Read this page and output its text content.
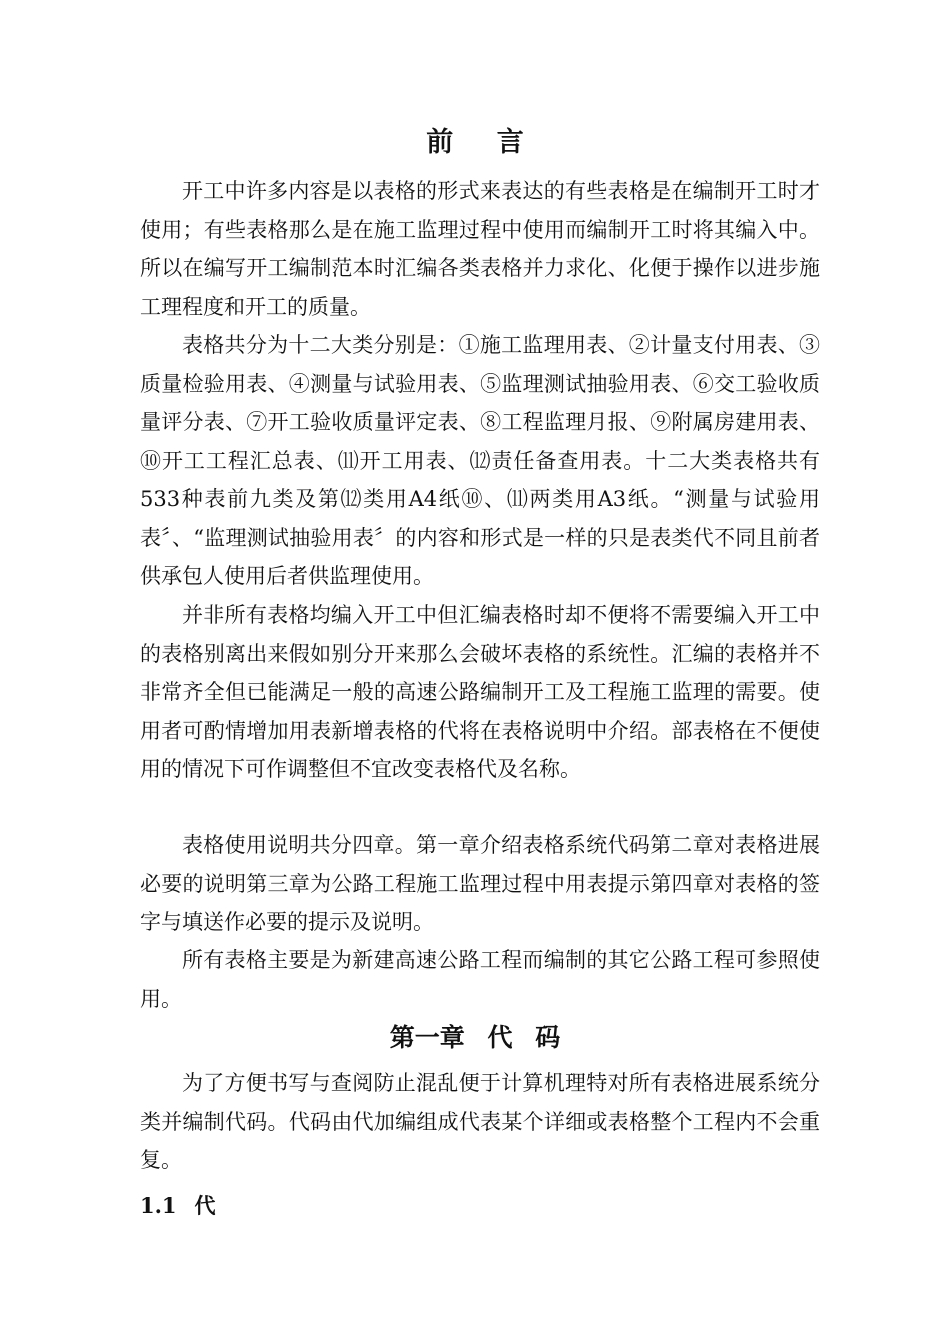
前 言

开工中许多内容是以表格的形式来表达的有些表格是在编制开工时才使用；有些表格那么是在施工监理过程中使用而编制开工时将其编入中。所以在编写开工编制范本时汇编各类表格并力求化、化便于操作以进步施工理程度和开工的质量。

表格共分为十二大类分别是：①施工监理用表、②计量支付用表、③质量检验用表、④测量与试验用表、⑤监理测试抽验用表、⑥交工验收质量评分表、⑦开工验收质量评定表、⑧工程监理月报、⑨附属房建用表、⑩开工工程汇总表、⑾开工用表、⑿责任备查用表。十二大类表格共有533种表前九类及第⑿类用A4纸⑩、⑾两类用A3纸。“测量与试验用表〞、“监理测试抽验用表〞的内容和形式是一样的只是表类代不同且前者供承包人使用后者供监理使用。

并非所有表格均编入开工中但汇编表格时却不便将不需要编入开工中的表格别离出来假如别分开来那么会破坏表格的系统性。汇编的表格并不非常齐全但已能满足一般的高速公路编制开工及工程施工监理的需要。使用者可酌情增加用表新增表格的代将在表格说明中介绍。部表格在不便使用的情况下可作调整但不宜改变表格代及名称。

表格使用说明共分四章。第一章介绍表格系统代码第二章对表格进展必要的说明第三章为公路工程施工监理过程中用表提示第四章对表格的签字与填送作必要的提示及说明。

所有表格主要是为新建高速公路工程而编制的其它公路工程可参照使用。

第一章 代 码

为了方便书写与查阅防止混乱便于计算机理特对所有表格进展系统分类并编制代码。代码由代加编组成代表某个详细或表格整个工程内不会重复。

1.1 代
